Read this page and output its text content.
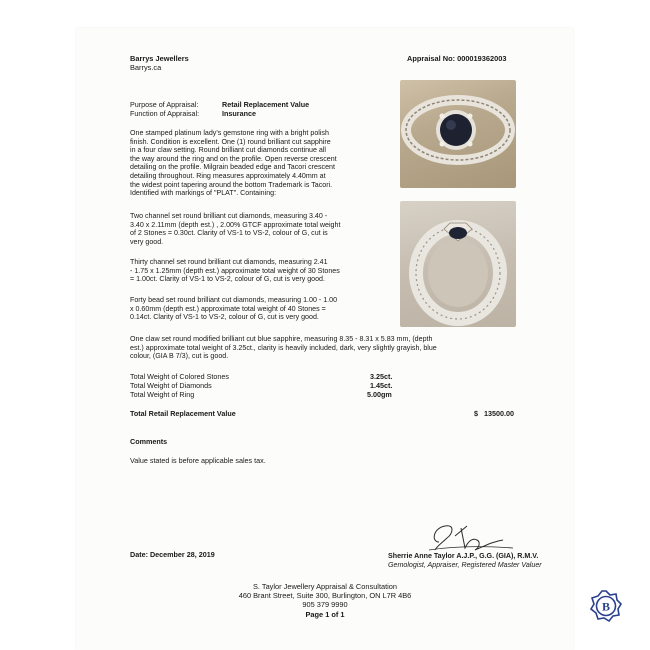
Barrys Jewellers
Barrys.ca
Appraisal No: 000019362003
Purpose of Appraisal:	Retail Replacement Value
Function of Appraisal:	Insurance
One stamped platinum lady's gemstone ring with a bright polish
finish. Condition is excellent. One (1) round brilliant cut sapphire
in a four claw setting. Round brilliant cut diamonds continue all
the way around the ring and on the profile. Open reverse crescent
detailing on the profile. Milgrain beaded edge and Tacori crescent
detailing throughout. Ring measures approximately 4.40mm at
the widest point tapering around the bottom Trademark is Tacori.
Identified with markings of "PLAT". Containing:
Two channel set round brilliant cut diamonds, measuring 3.40 -
3.40 x 2.11mm (depth est.) , 2.00% GTCF approximate total weight
of 2 Stones = 0.30ct. Clarity of VS-1 to VS-2, colour of G, cut is
very good.
Thirty channel set round brilliant cut diamonds, measuring 2.41
- 1.75 x 1.25mm (depth est.) approximate total weight of 30 Stones
= 1.00ct. Clarity of VS-1 to VS-2, colour of G, cut is very good.
Forty bead set round brilliant cut diamonds, measuring 1.00 - 1.00
x 0.60mm (depth est.) approximate total weight of 40 Stones =
0.14ct. Clarity of VS-1 to VS-2, colour of G, cut is very good.
One claw set round modified brilliant cut blue sapphire, measuring 8.35 - 8.31 x 5.83 mm, (depth
est.) approximate total weight of 3.25ct., clarity is heavily included, dark, very slightly grayish, blue
colour, (GIA B 7/3), cut is good.
Total Weight of Colored Stones	3.25ct.
Total Weight of Diamonds	1.45ct.
Total Weight of Ring	5.00gm
Total Retail Replacement Value	$ 13500.00
Comments
Value stated is before applicable sales tax.
Date: December 28, 2019	Sherrie Anne Taylor A.J.P., G.G. (GIA), R.M.V.
Gemologist, Appraiser, Registered Master Valuer
S. Taylor Jewellery Appraisal & Consultation
460 Brant Street, Suite 300, Burlington, ON L7R 4B6
905 379 9990
Page 1 of 1
B
